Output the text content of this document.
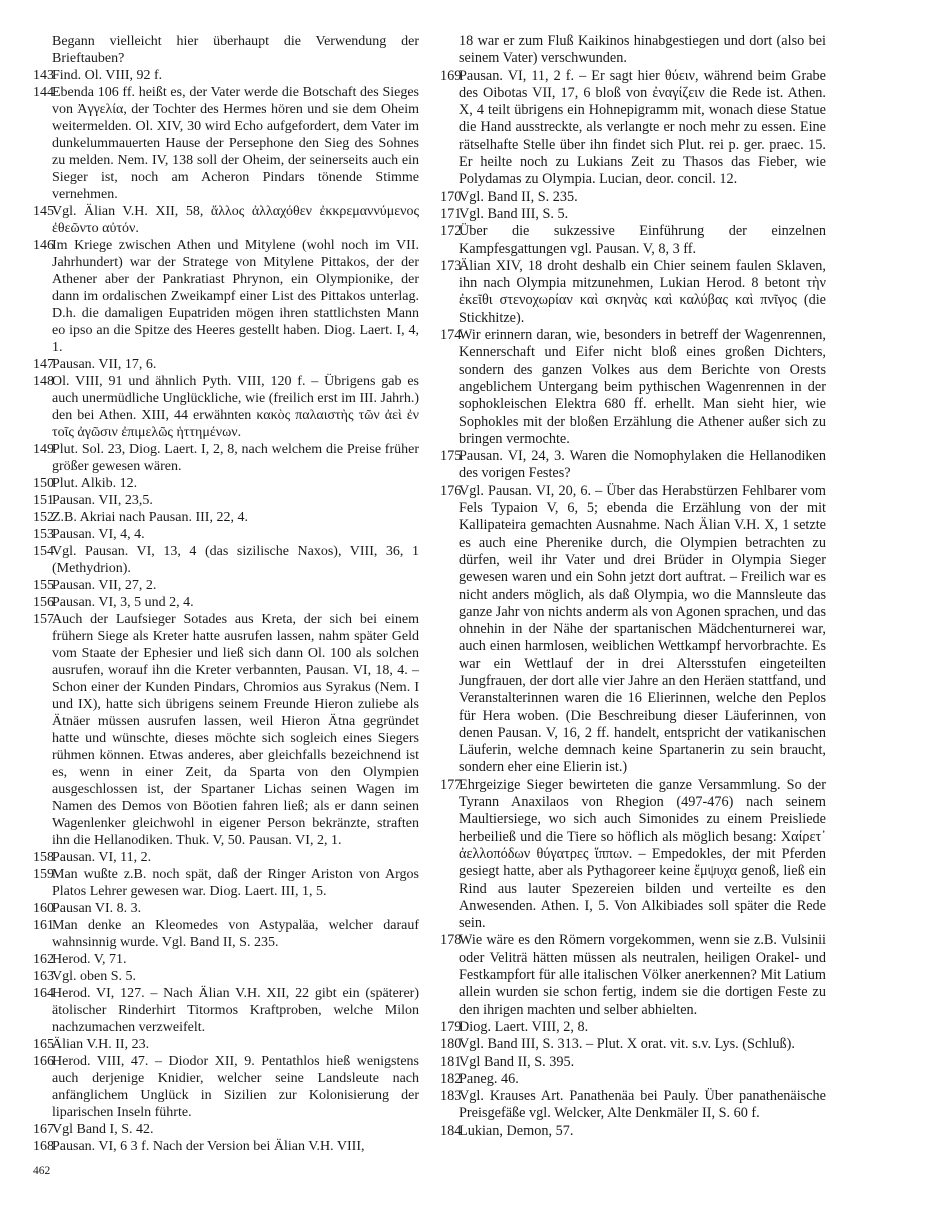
Begann vielleicht hier überhaupt die Verwendung der Brieftauben?

143Find. Ol. VIII, 92 f.

144Ebenda 106 ff. heißt es, der Vater werde die Botschaft des Sieges von Ἀγγελία, der Tochter des Hermes hören und sie dem Oheim weitermelden. Ol. XIV, 30 wird Echo aufgefordert, dem Vater im dunkelummauerten Hause der Persephone den Sieg des Sohnes zu melden. Nem. IV, 138 soll der Oheim, der seinerseits auch ein Sieger ist, noch am Acheron Pindars tönende Stimme vernehmen.

145Vgl. Älian V.H. XII, 58, ἄλλος ἀλλαχόθεν ἐκκρεμαννύμενος ἐθεῶντο αὐτόν.

146Im Kriege zwischen Athen und Mitylene (wohl noch im VII. Jahrhundert) war der Stratege von Mitylene Pittakos, der der Athener aber der Pankratiast Phrynon, ein Olympionike, der dann im ordalischen Zweikampf einer List des Pittakos unterlag. D.h. die damaligen Eupatriden mögen ihren stattlichsten Mann eo ipso an die Spitze des Heeres gestellt haben. Diog. Laert. I, 4, 1.

147Pausan. VII, 17, 6.

148Ol. VIII, 91 und ähnlich Pyth. VIII, 120 f. – Übrigens gab es auch unermüdliche Unglückliche, wie (freilich erst im III. Jahrh.) den bei Athen. XIII, 44 erwähnten κακὸς παλαιστὴς τῶν ἀεὶ ἐν τοῖς ἀγῶσιν ἐπιμελῶς ἡττημένων.

149Plut. Sol. 23, Diog. Laert. I, 2, 8, nach welchem die Preise früher größer gewesen wären.

150Plut. Alkib. 12.

151Pausan. VII, 23,5.

152Z.B. Akriai nach Pausan. III, 22, 4.

153Pausan. VI, 4, 4.

154Vgl. Pausan. VI, 13, 4 (das sizilische Naxos), VIII, 36, 1 (Methydrion).

155Pausan. VII, 27, 2.

156Pausan. VI, 3, 5 und 2, 4.

157Auch der Laufsieger Sotades aus Kreta, der sich bei einem frühern Siege als Kreter hatte ausrufen lassen, nahm später Geld vom Staate der Ephesier und ließ sich dann Ol. 100 als solchen ausrufen, worauf ihn die Kreter verbannten, Pausan. VI, 18, 4. – Schon einer der Kunden Pindars, Chromios aus Syrakus (Nem. I und IX), hatte sich übrigens seinem Freunde Hieron zuliebe als Ätnäer müssen ausrufen lassen, weil Hieron Ätna gegründet hatte und wünschte, dieses möchte sich sogleich eines Siegers rühmen können. Etwas anderes, aber gleichfalls bezeichnend ist es, wenn in einer Zeit, da Sparta von den Olympien ausgeschlossen ist, der Spartaner Lichas seinen Wagen im Namen des Demos von Böotien fahren ließ; als er dann seinen Wagenlenker gleichwohl in eigener Person bekränzte, straften ihn die Hellanodiken. Thuk. V, 50. Pausan. VI, 2, 1.

158Pausan. VI, 11, 2.

159Man wußte z.B. noch spät, daß der Ringer Ariston von Argos Platos Lehrer gewesen war. Diog. Laert. III, 1, 5.

160Pausan VI. 8. 3.

161Man denke an Kleomedes von Astypaläa, welcher darauf wahnsinnig wurde. Vgl. Band II, S. 235.

162Herod. V, 71.

163Vgl. oben S. 5.

164Herod. VI, 127. – Nach Älian V.H. XII, 22 gibt ein (späterer) ätolischer Rinderhirt Titormos Kraftproben, welche Milon nachzumachen verzweifelt.

165Älian V.H. II, 23.

166Herod. VIII, 47. – Diodor XII, 9. Pentathlos hieß wenigstens auch derjenige Knidier, welcher seine Landsleute nach anfänglichem Unglück in Sizilien zur Kolonisierung der liparischen Inseln führte.

167Vgl Band I, S. 42.

168Pausan. VI, 6 3 f. Nach der Version bei Älian V.H. VIII,

18 war er zum Fluß Kaikinos hinabgestiegen und dort (also bei seinem Vater) verschwunden.

169Pausan. VI, 11, 2 f. – Er sagt hier θύειν, während beim Grabe des Oibotas VII, 17, 6 bloß von ἐναγίζειν die Rede ist. Athen. X, 4 teilt übrigens ein Hohnepigramm mit, wonach diese Statue die Hand ausstreckte, als verlangte er noch mehr zu essen. Eine rätselhafte Stelle über ihn findet sich Plut. rei p. ger. praec. 15. Er heilte noch zu Lukians Zeit zu Thasos das Fieber, wie Polydamas zu Olympia. Lucian, deor. concil. 12.

170Vgl. Band II, S. 235.

171Vgl. Band III, S. 5.

172Über die sukzessive Einführung der einzelnen Kampfesgattungen vgl. Pausan. V, 8, 3 ff.

173Älian XIV, 18 droht deshalb ein Chier seinem faulen Sklaven, ihn nach Olympia mitzunehmen, Lukian Herod. 8 betont τὴν ἐκεῖθι στενοχωρίαν καὶ σκηνὰς καὶ καλύβας καὶ πνῖγος (die Stickhitze).

174Wir erinnern daran, wie, besonders in betreff der Wagenrennen, Kennerschaft und Eifer nicht bloß eines großen Dichters, sondern des ganzen Volkes aus dem Berichte von Orests angeblichem Untergang beim pythischen Wagenrennen in der sophokleischen Elektra 680 ff. erhellt. Man sieht hier, wie Sophokles mit der bloßen Erzählung die Athener außer sich zu bringen vermochte.

175Pausan. VI, 24, 3. Waren die Nomophylaken die Hellanodiken des vorigen Festes?

176Vgl. Pausan. VI, 20, 6. – Über das Herabstürzen Fehlbarer vom Fels Typaion V, 6, 5; ebenda die Erzählung von der mit Kallipateira gemachten Ausnahme. Nach Älian V.H. X, 1 setzte es auch eine Pherenike durch, die Olympien betrachten zu dürfen, weil ihr Vater und drei Brüder in Olympia Sieger gewesen waren und ein Sohn jetzt dort auftrat. – Freilich war es nicht anders möglich, als daß Olympia, wo die Mannsleute das ganze Jahr von nichts anderm als von Agonen sprachen, und das ohnehin in der Nähe der spartanischen Mädchenturnerei war, auch einen harmlosen, weiblichen Wettkampf hervorbrachte. Es war ein Wettlauf der in drei Altersstufen eingeteilten Jungfrauen, der dort alle vier Jahre an den Heräen stattfand, und Veranstalterinnen waren die 16 Elierinnen, welche den Peplos für Hera woben. (Die Beschreibung dieser Läuferinnen, von denen Pausan. V, 16, 2 ff. handelt, entspricht der vatikanischen Läuferin, welche demnach keine Spartanerin zu sein braucht, sondern eher eine Elierin ist.)

177Ehrgeizige Sieger bewirteten die ganze Versammlung. So der Tyrann Anaxilaos von Rhegion (497-476) nach seinem Maultiersiege, wo sich auch Simonides zu einem Preisliede herbeiließ und die Tiere so höflich als möglich besang: Χαίρετ᾽ ἀελλοπόδων θύγατρες ἵππων. – Empedokles, der mit Pferden gesiegt hatte, aber als Pythagoreer keine ἔμψυχα genoß, ließ ein Rind aus lauter Spezereien bilden und verteilte es den Anwesenden. Athen. I, 5. Von Alkibiades soll später die Rede sein.

178Wie wäre es den Römern vorgekommen, wenn sie z.B. Vulsinii oder Veliträ hätten müssen als neutralen, heiligen Orakel- und Festkampfort für alle italischen Völker anerkennen? Mit Latium allein wurden sie schon fertig, indem sie die dortigen Feste zu den ihrigen machten und selber abhielten.

179Diog. Laert. VIII, 2, 8.

180Vgl. Band III, S. 313. – Plut. X orat. vit. s.v. Lys. (Schluß).

181Vgl Band II, S. 395.

182Paneg. 46.

183Vgl. Krauses Art. Panathenäa bei Pauly. Über panathenäische Preisgefäße vgl. Welcker, Alte Denkmäler II, S. 60 f.

184Lukian, Demon, 57.

462
